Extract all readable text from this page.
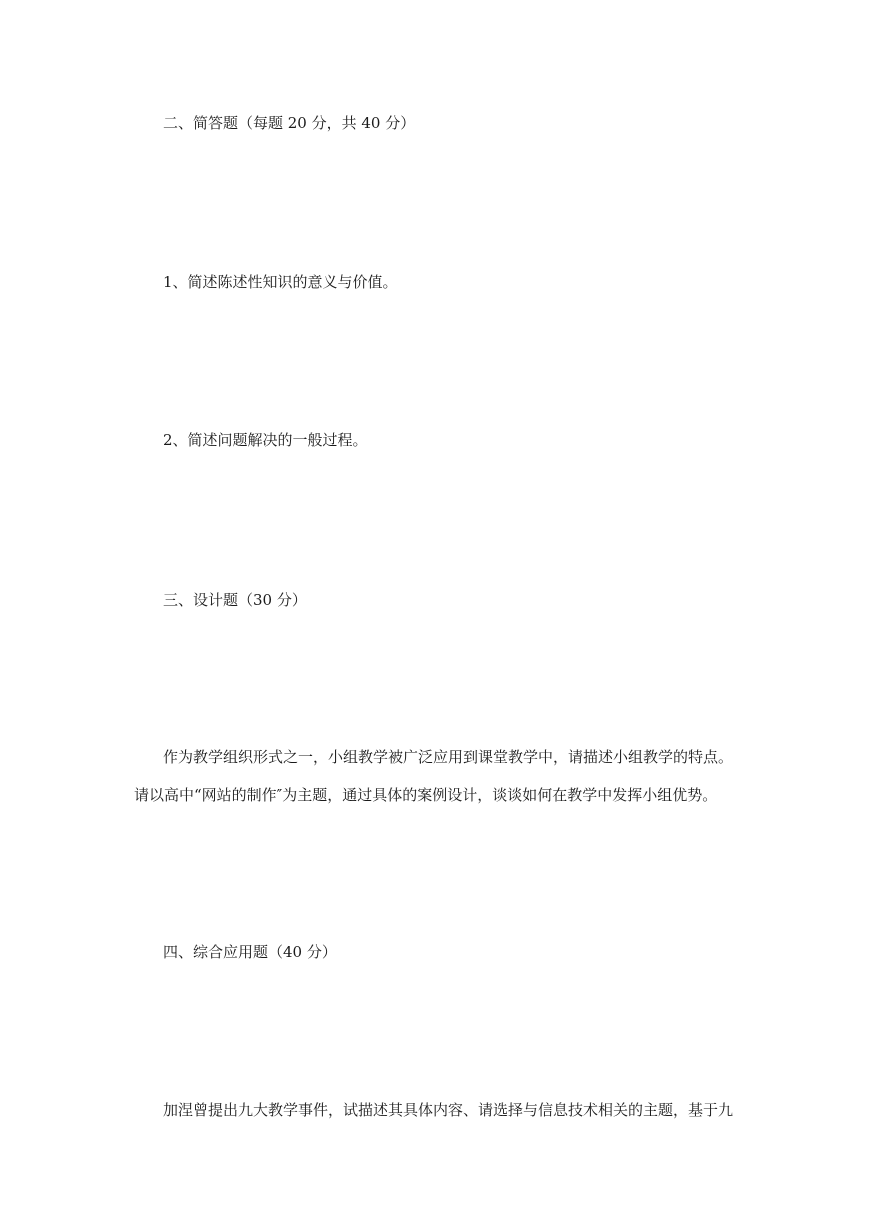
二、简答题（每题 20 分，共 40 分）
1、简述陈述性知识的意义与价值。
2、简述问题解决的一般过程。
三、设计题（30 分）
作为教学组织形式之一，小组教学被广泛应用到课堂教学中，请描述小组教学的特点。
请以高中“网站的制作″为主题，通过具体的案例设计，谈谈如何在教学中发挥小组优势。
四、综合应用题（40 分）
加涅曾提出九大教学事件，试描述其具体内容、请选择与信息技术相关的主题，基于九
